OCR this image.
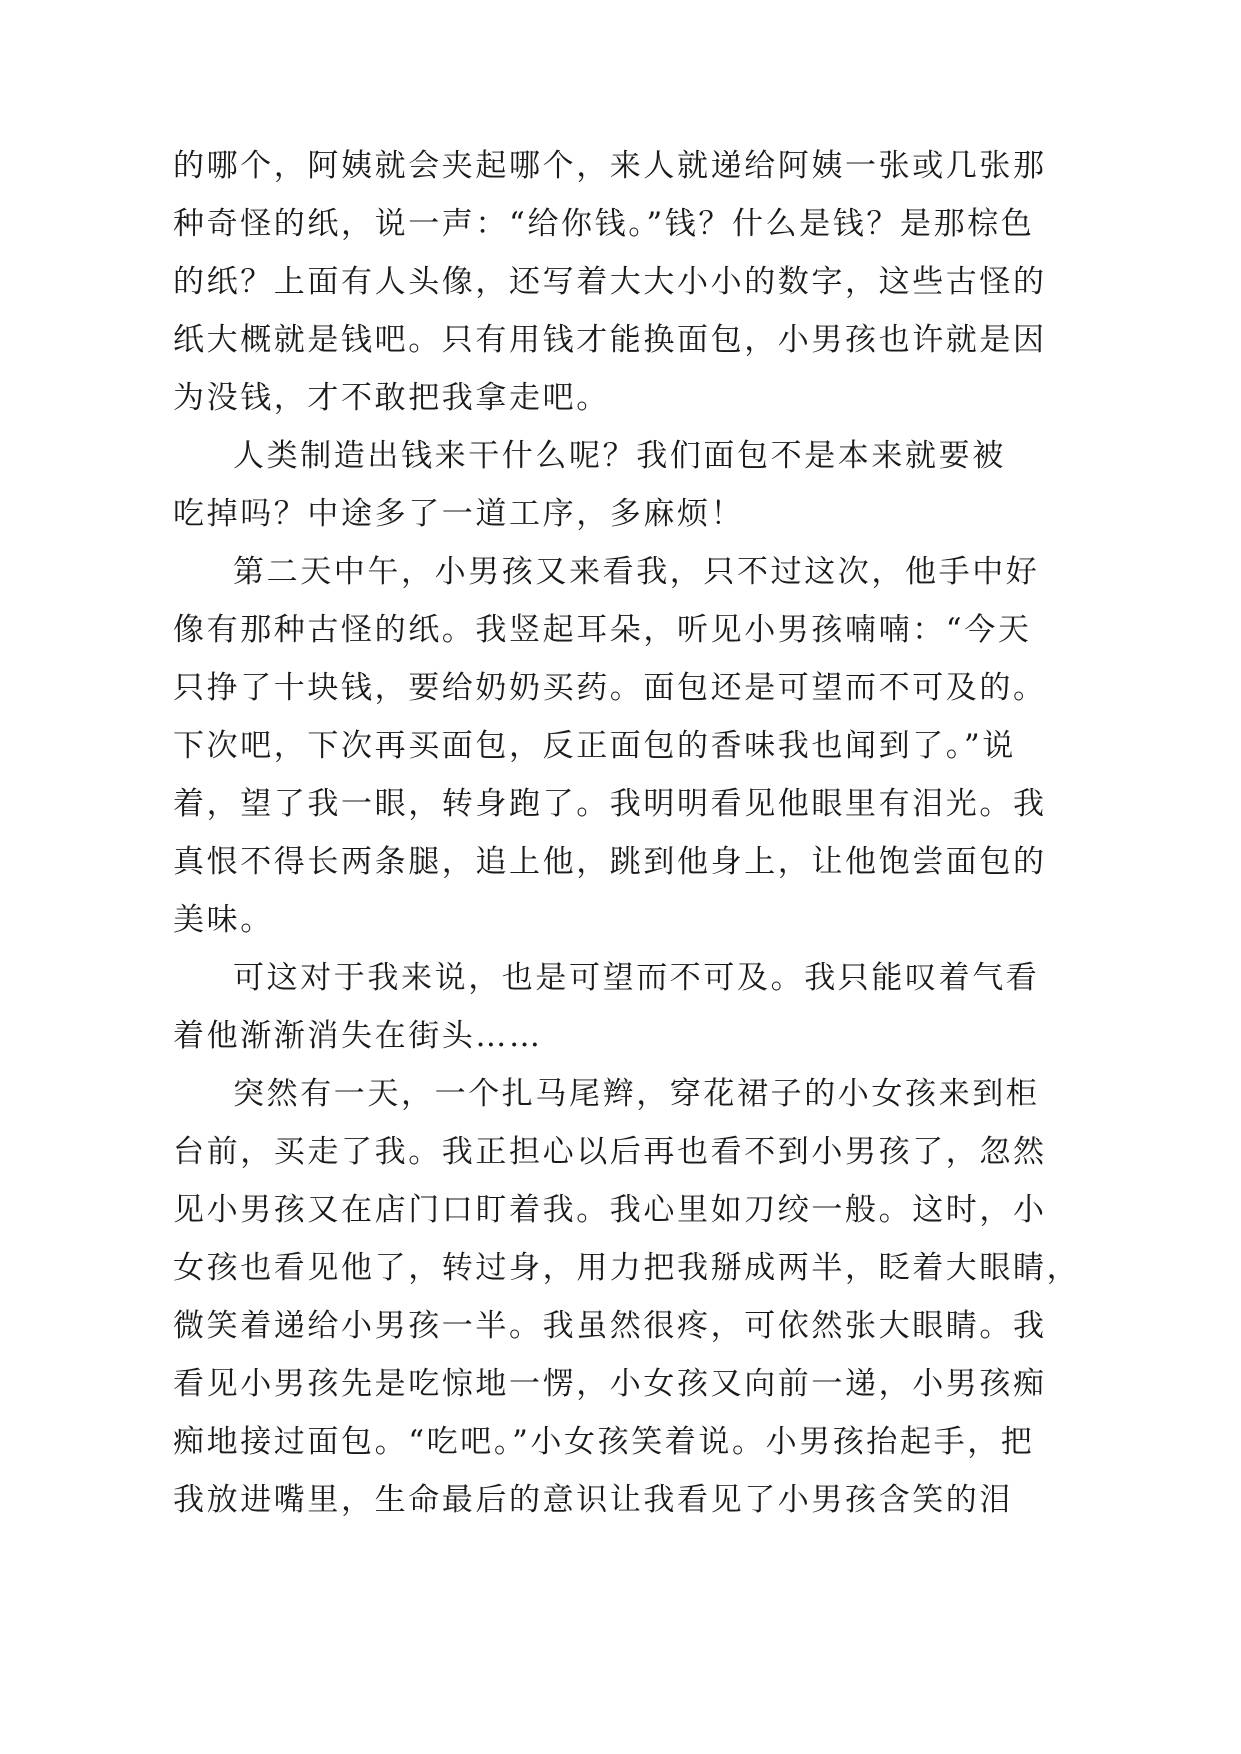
的哪个，阿姨就会夹起哪个，来人就递给阿姨一张或几张那
种奇怪的纸，说一声：“给你钱。”钱？什么是钱？是那棕色
的纸？上面有人头像，还写着大大小小的数字，这些古怪的
纸大概就是钱吧。只有用钱才能换面包，小男孩也许就是因
为没钱，才不敢把我拿走吧。
人类制造出钱来干什么呢？我们面包不是本来就要被
吃掉吗？中途多了一道工序，多麻烦！
第二天中午，小男孩又来看我，只不过这次，他手中好
像有那种古怪的纸。我竖起耳朵，听见小男孩喃喃：“今天
只挣了十块钱，要给奶奶买药。面包还是可望而不可及的。
下次吧，下次再买面包，反正面包的香味我也闻到了。”说
着，望了我一眼，转身跑了。我明明看见他眼里有泪光。我
真恨不得长两条腿，追上他，跳到他身上，让他饱尝面包的
美味。
可这对于我来说，也是可望而不可及。我只能叹着气看
着他渐渐消失在街头……
突然有一天，一个扎马尾辫，穿花裙子的小女孩来到柜
台前，买走了我。我正担心以后再也看不到小男孩了，忽然
见小男孩又在店门口盯着我。我心里如刀绞一般。这时，小
女孩也看见他了，转过身，用力把我掰成两半，眨着大眼睛，
微笑着递给小男孩一半。我虽然很疼，可依然张大眼睛。我
看见小男孩先是吃惊地一愣，小女孩又向前一递，小男孩痴
痴地接过面包。“吃吧。”小女孩笑着说。小男孩抬起手，把
我放进嘴里，生命最后的意识让我看见了小男孩含笑的泪
